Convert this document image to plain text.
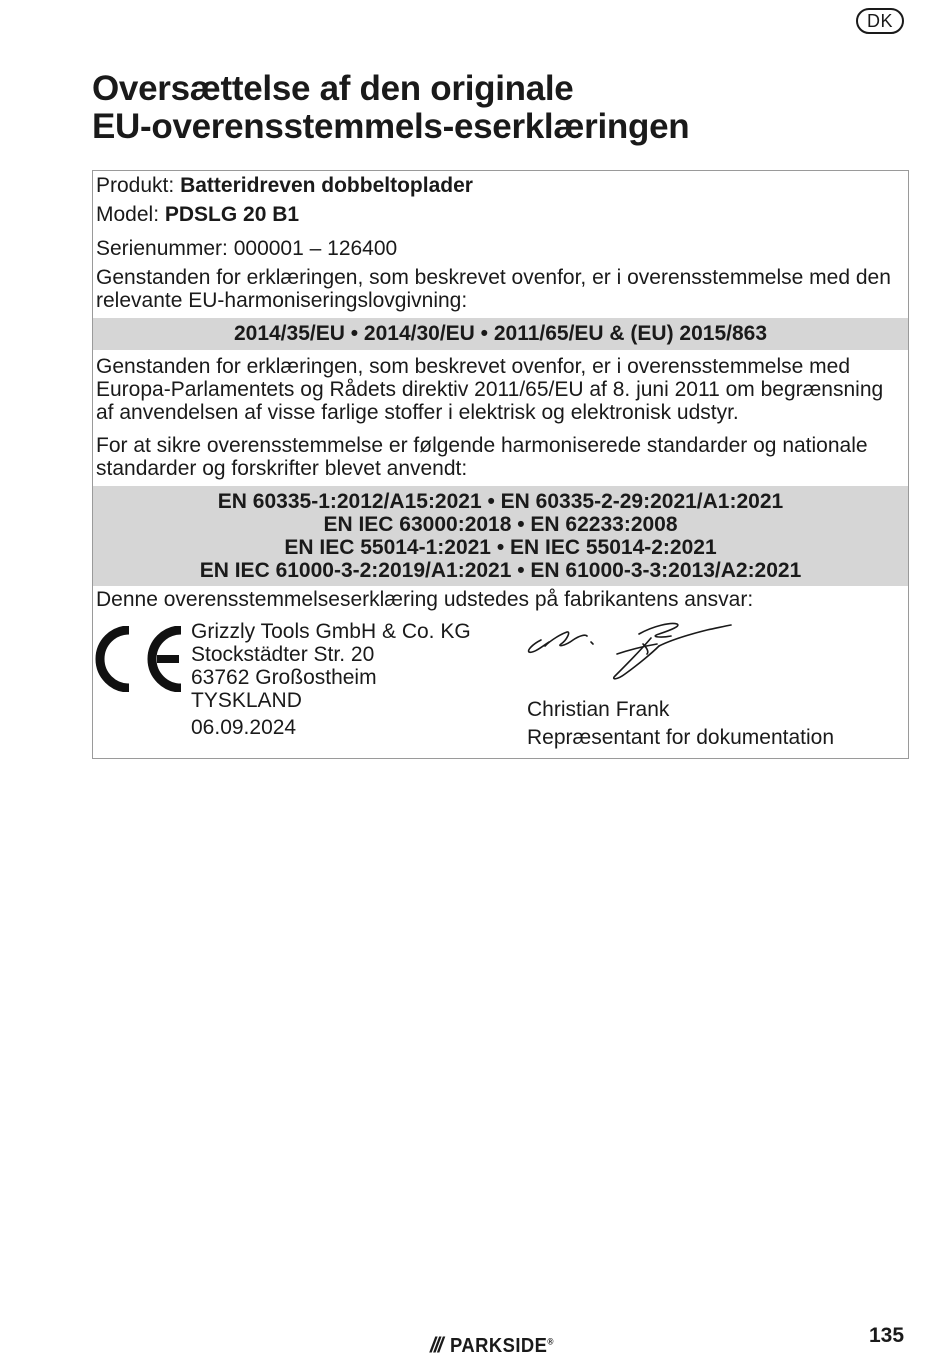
DK
Oversættelse af den originale
EU-overensstemmels-eserklæringen
Produkt: Batteridreven dobbeltoplader
Model: PDSLG 20 B1
Serienummer: 000001 – 126400
Genstanden for erklæringen, som beskrevet ovenfor, er i overensstemmelse med den relevante EU-harmoniseringslovgivning:
2014/35/EU • 2014/30/EU • 2011/65/EU & (EU) 2015/863
Genstanden for erklæringen, som beskrevet ovenfor, er i overensstemmelse med Europa-Parlamentets og Rådets direktiv 2011/65/EU af 8. juni 2011 om begrænsning af anvendelsen af visse farlige stoffer i elektrisk og elektronisk udstyr.
For at sikre overensstemmelse er følgende harmoniserede standarder og nationale standarder og forskrifter blevet anvendt:
EN 60335-1:2012/A15:2021 • EN 60335-2-29:2021/A1:2021
EN IEC 63000:2018 • EN 62233:2008
EN IEC 55014-1:2021 • EN IEC 55014-2:2021
EN IEC 61000-3-2:2019/A1:2021 • EN 61000-3-3:2013/A2:2021
Denne overensstemmelseserklæring udstedes på fabrikantens ansvar:
Grizzly Tools GmbH & Co. KG
Stockstädter Str. 20
63762 Großostheim
TYSKLAND
06.09.2024
Christian Frank
Repræsentant for dokumentation
/// PARKSIDE®	135
